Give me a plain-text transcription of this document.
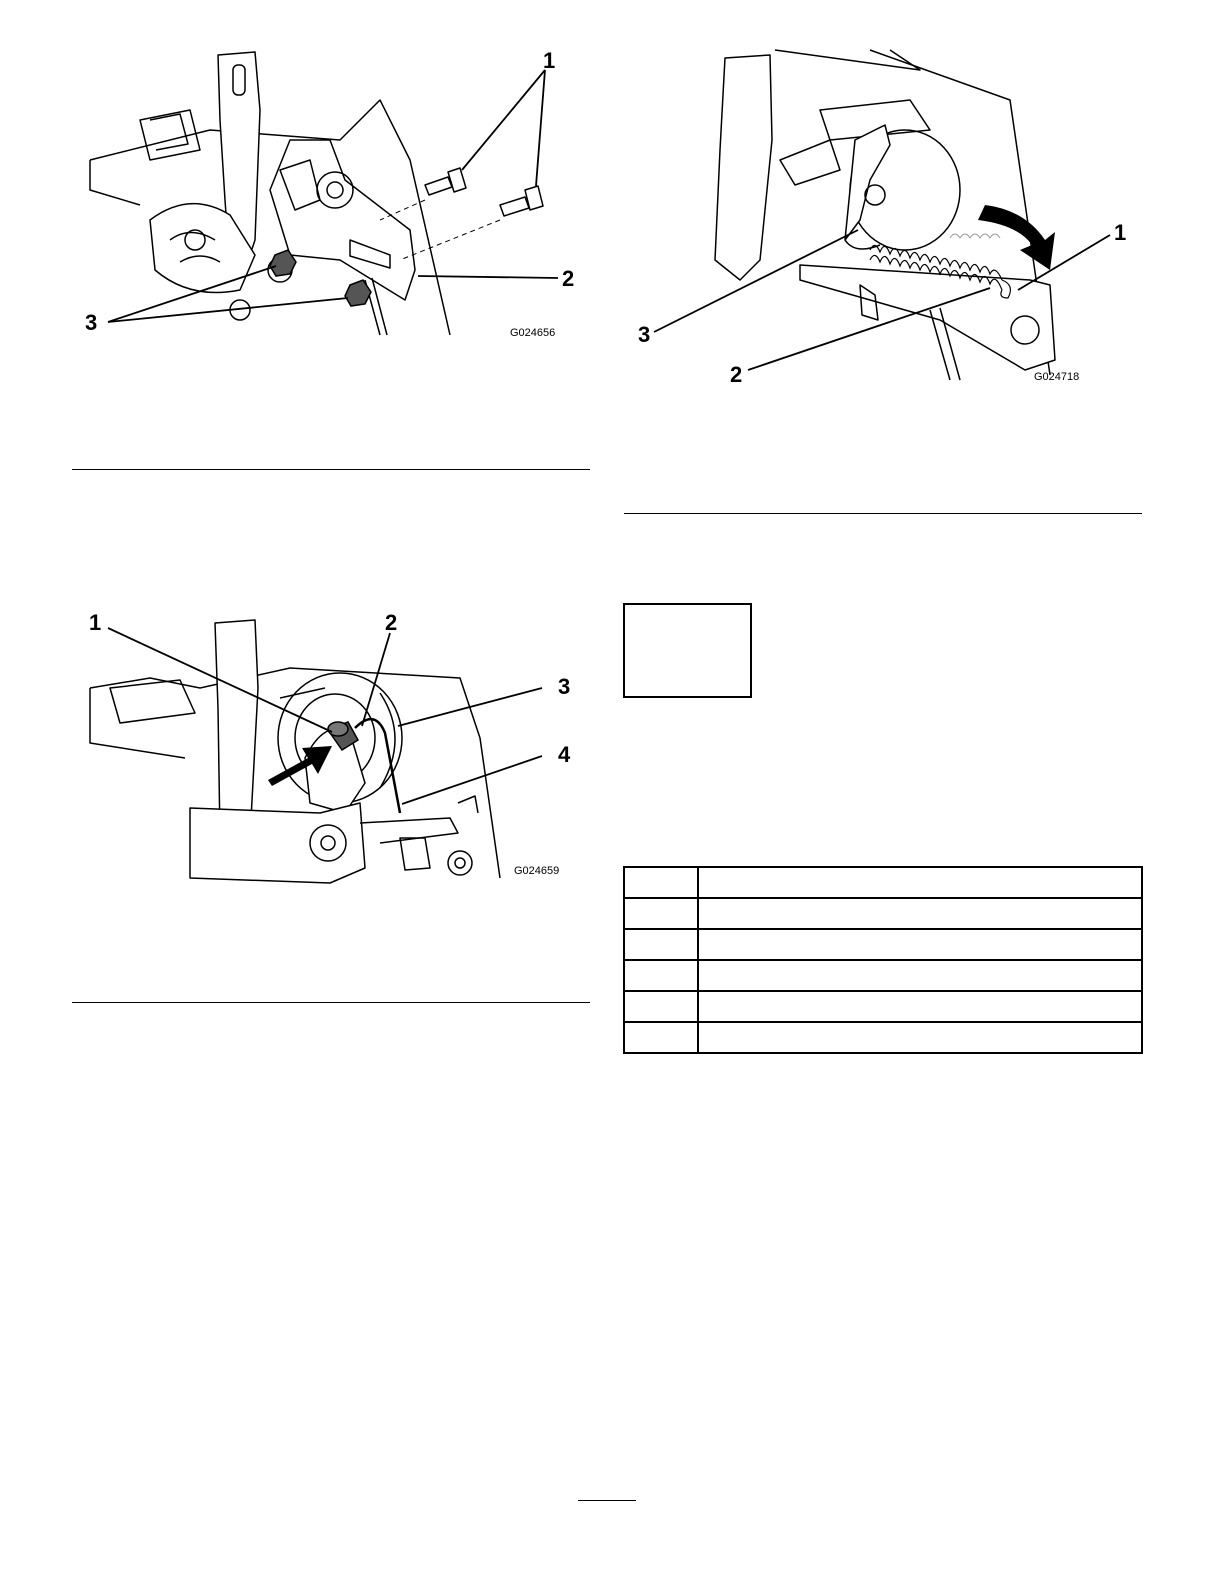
1
2
3	G024656
1	2
3
4
G024659
1
2
3
G024718
